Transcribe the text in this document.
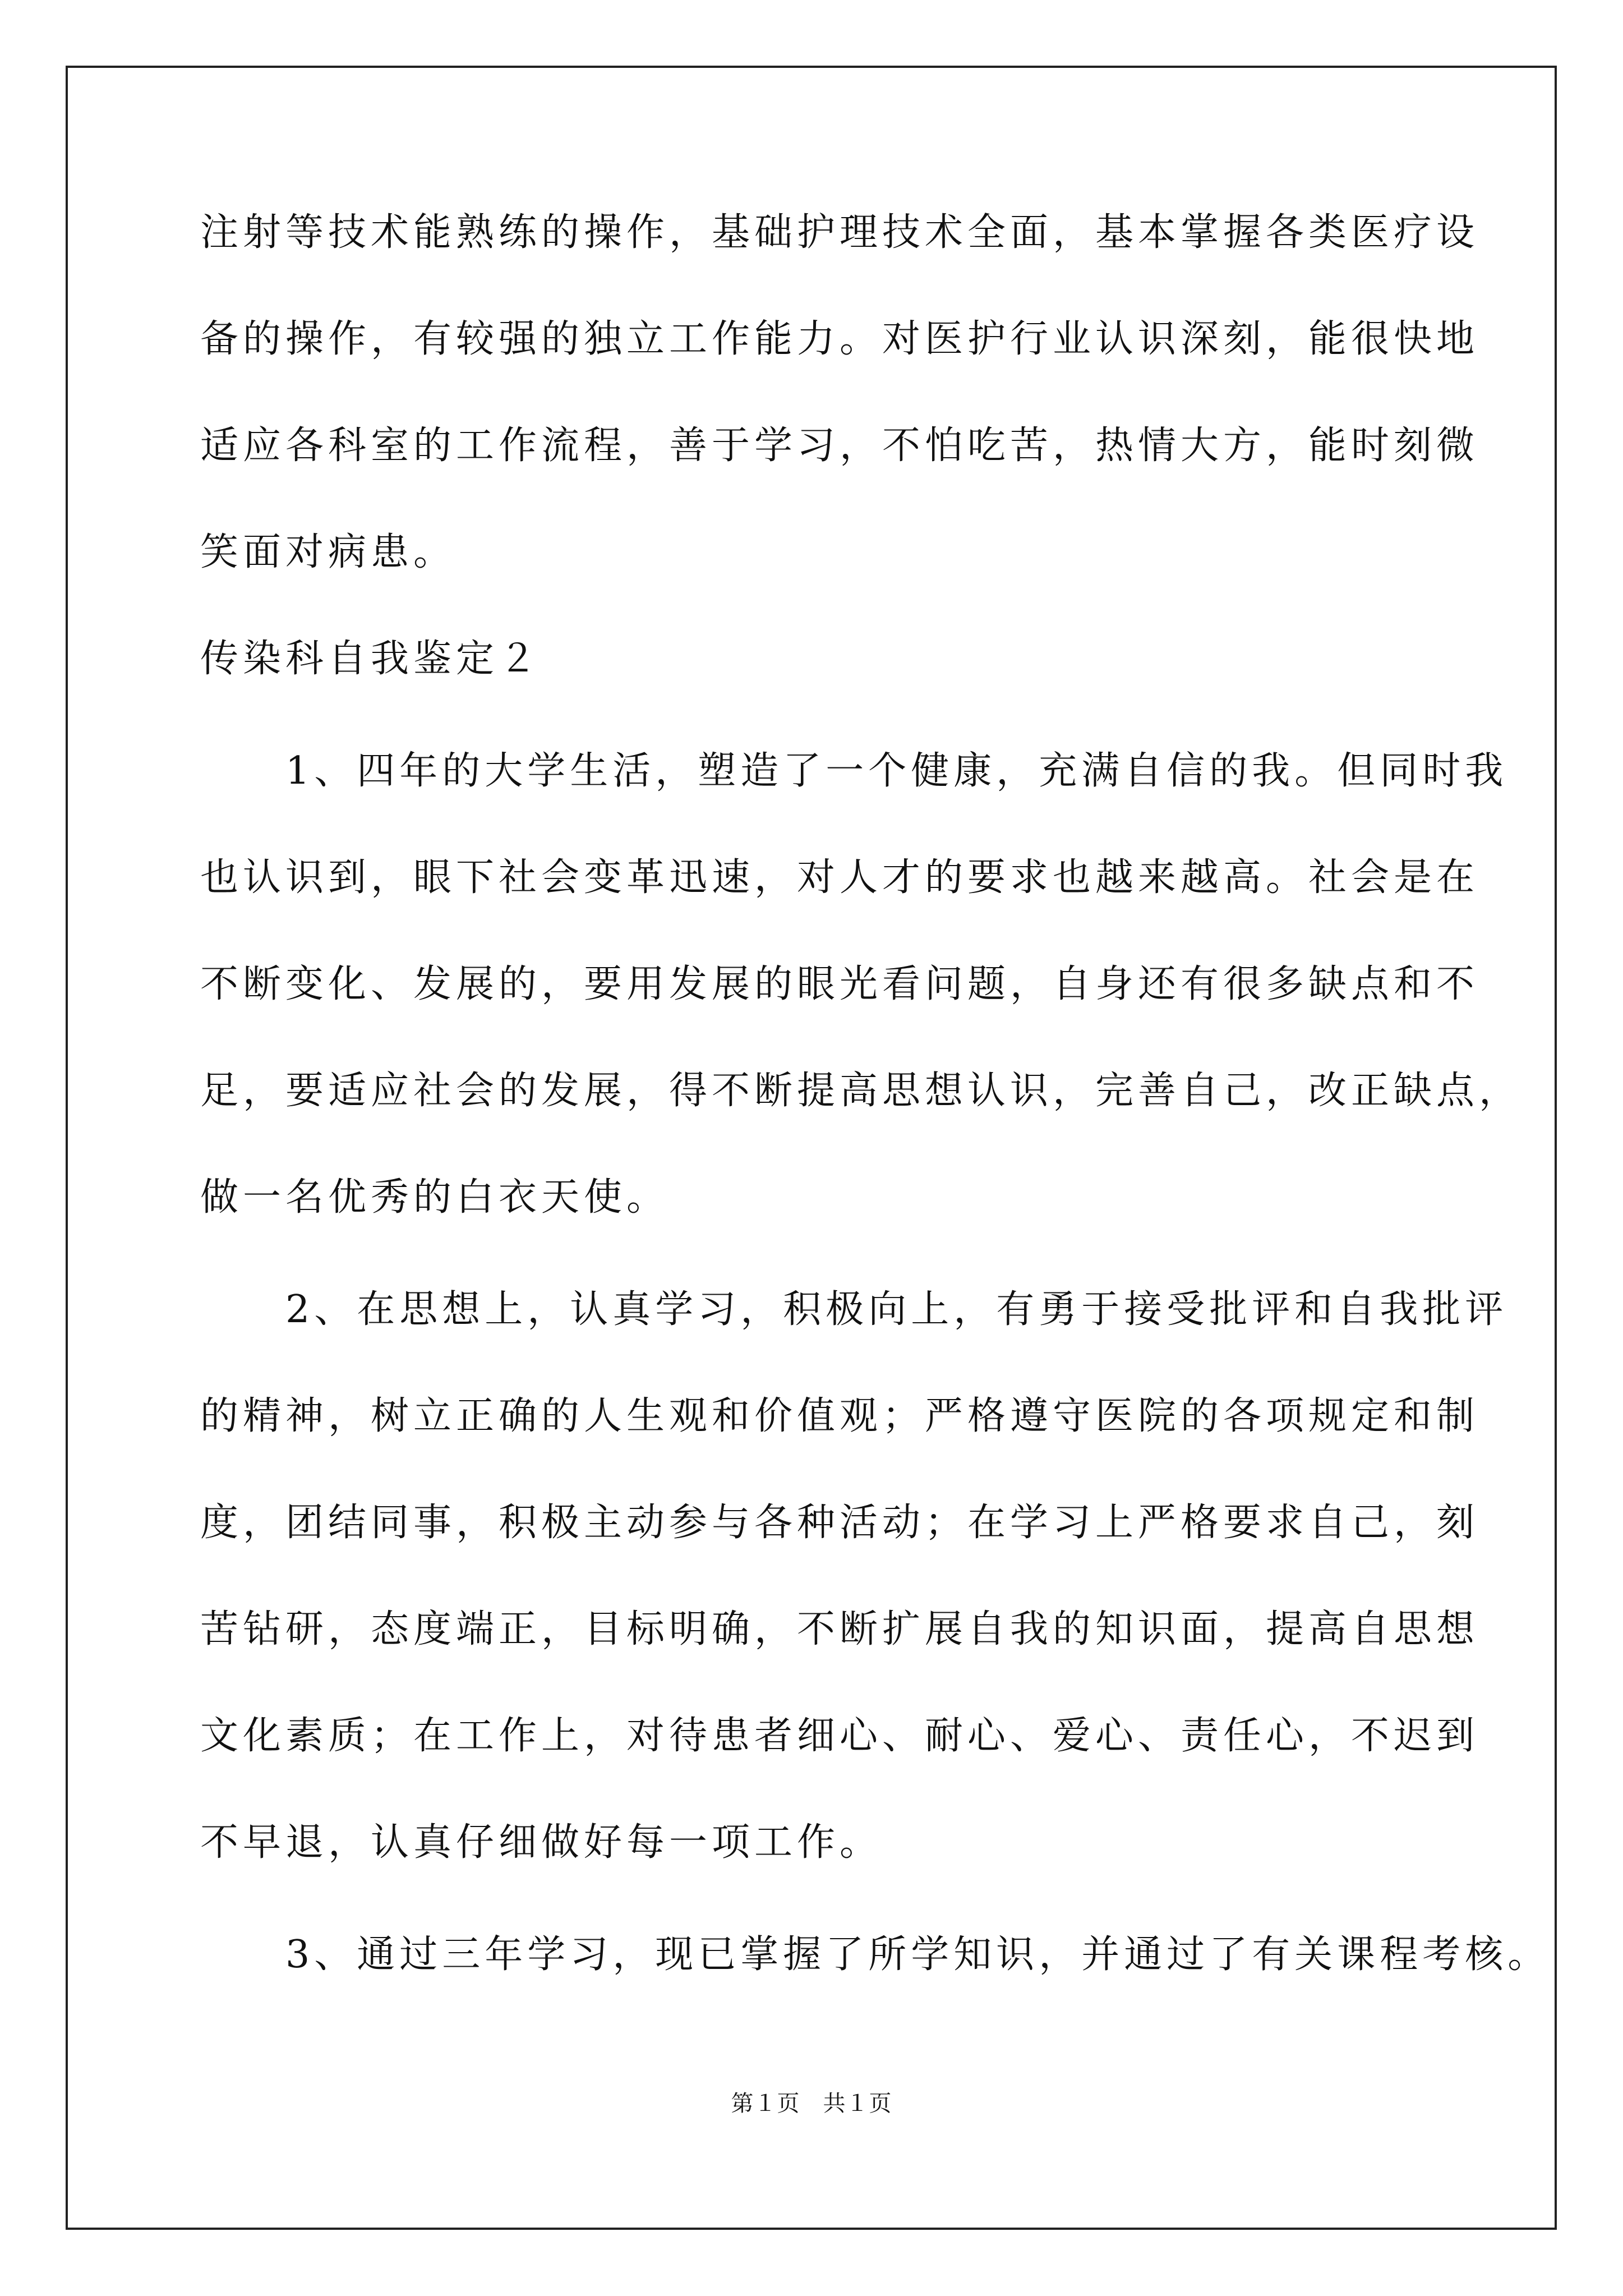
注射等技术能熟练的操作，基础护理技术全面，基本掌握各类医疗设
备的操作，有较强的独立工作能力。对医护行业认识深刻，能很快地
适应各科室的工作流程，善于学习，不怕吃苦，热情大方，能时刻微
笑面对病患。
传染科自我鉴定２
　　1、四年的大学生活，塑造了一个健康，充满自信的我。但同时我
也认识到，眼下社会变革迅速，对人才的要求也越来越高。社会是在
不断变化、发展的，要用发展的眼光看问题，自身还有很多缺点和不
足，要适应社会的发展，得不断提高思想认识，完善自己，改正缺点，
做一名优秀的白衣天使。
　　2、在思想上，认真学习，积极向上，有勇于接受批评和自我批评
的精神，树立正确的人生观和价值观；严格遵守医院的各项规定和制
度，团结同事，积极主动参与各种活动；在学习上严格要求自己，刻
苦钻研，态度端正，目标明确，不断扩展自我的知识面，提高自思想
文化素质；在工作上，对待患者细心、耐心、爱心、责任心，不迟到
不早退，认真仔细做好每一项工作。
　　3、通过三年学习，现已掌握了所学知识，并通过了有关课程考核。
第１页　共１页
